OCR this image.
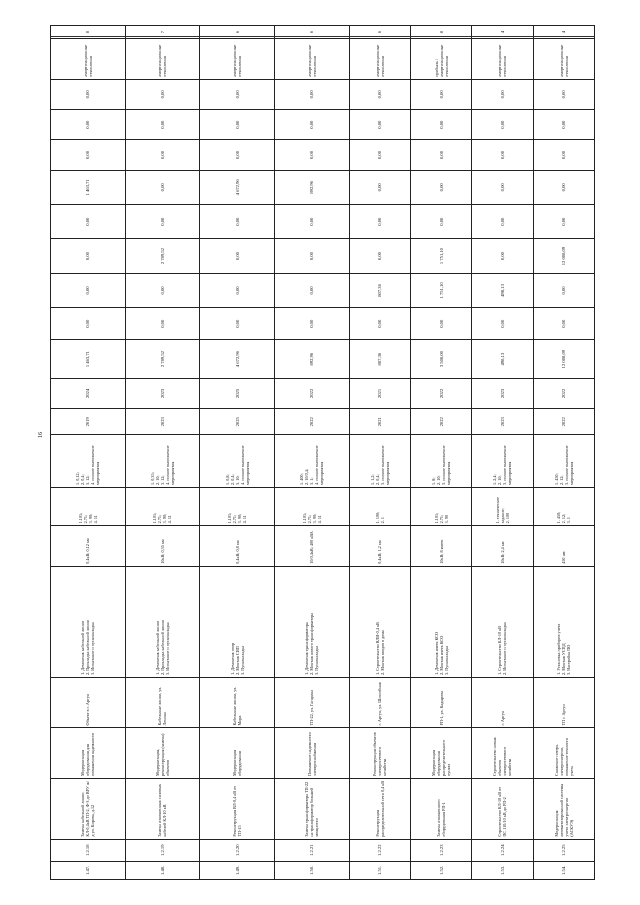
16
1.47.	1.2.18	Замена кабельной линии КЛ-0,4кВ ТП-2, Ф-3 до ВРУ ж/д ул. Кирова, д.12	Модернизация оборудования для повышения надежности	Объект в г. Аргун	1. Демонтаж кабельной линии
2. Прокладка кабельной линии
3. Испытание и пусконаладка	0,4кВ; 0,12 км	1.101;
2.71;
3. 90;
4. 11	1. 0,12;
2. 0,4;
3. 12;
4. полное выполнение мероприятия	2019	2024	1 463,71	0,00	0,00	0,00	0,00	1 463,71	0,00	0,00	0,00	амортизационные отчисления	8
1.48.	1.2.19	Замена изношенных силовых кабелей КЛ-10 кВ	Модернизация, реконструкция (замена) объектов	Кабельные линии, ул. Ленина	1. Демонтаж кабельной линии
2. Прокладка кабельной линии
3. Испытание и пусконаладка	10кВ; 0,35 км	1.101;
2.71;
3. 90;
4. 11	1. 0,35;
2. 10;
3. 12;
4. полное выполнение мероприятия	2023	2023	2 789,52	0,00	0,00	2 789,52	0,00	0,00	0,00	0,00	0,00	амортизационные отчисления	7
1.49.	1.2.20	Реконструкция ВЛ-0,4 кВ от ТП-15	Модернизация оборудования	Кабельные линии, ул. Мира	1. Демонтаж опор
2. Монтаж СИП
3. Пусконаладка	0,4кВ; 0,8 км	1.101;
2.71;
3. 90;
4. 11	1. 0,8;
2. 0,4;
3. 10;
4. полное выполнение мероприятия	2025	2025	4 672,96	0,00	0,00	0,00	0,00	4 672,96	0,00	0,00	0,00	амортизационные отчисления	6
1.50.	1.2.21	Замена трансформатора ТП-22 на трансформатор большей мощности	Повышение надежности электроснабжения	ТП-22, ул. Гагарина	1. Демонтаж трансформатора
2. Монтаж нового трансформатора
3. Пусконаладка	10/0,4кВ; 400 кВА	1.101;
2.71;
3. 90;
4. 11	1. 400;
2. 10/0,4;
3. 1;
4. полное выполнение мероприятия	2022	2022	892,96	0,00	0,00	0,00	0,00	892,96	0,00	0,00	0,00	амортизационные отчисления	6
1.51.	1.2.22	Реконструкция распределительной сети 0,4 кВ	Реконструкция объектов электросетевого хозяйства	г. Аргун, ул. Шоссейная	1. Строительство ВЛИ-0,4 кВ
2. Монтаж вводов в дома	0,4кВ; 1,2 км	1. 100;
2. 1	1. 1,2;
2. 0,4;
3. полное выполнение мероприятия	2021	2021	807,36	0,00	807,36	0,00	0,00	0,00	0,00	0,00	0,00	амортизационные отчисления	6
1.52.	1.2.23	Замена изношенного оборудования РП-1	Модернизация оборудования распределительного пункта	РП-1, ул. Кадырова	1. Демонтаж ячеек КСО
2. Монтаж ячеек КСО
3. Пусконаладка	10кВ; 8 ячеек	1.101;
2.71;
3. 90	1. 8;
2. 10;
3. полное выполнение мероприятия	2022	2022	3 500,00	0,00	1 751,10	1 751,10	0,00	0,00	0,00	0,00	0,00	прибыль / амортизационные отчисления	8
1.53.	1.2.24	Строительство КЛ-10 кВ от ПС 110/10 кВ до РП-2	Строительство новых объектов электросетевого хозяйства	г. Аргун	1. Строительство КЛ-10 кВ
2. Испытание и пусконаладка	10кВ; 2,4 км	1. техническое задание;
2. 100	1. 2,4;
2. 10;
3. полное выполнение мероприятия	2023	2023	498,13	0,00	498,13	0,00	0,00	0,00	0,00	0,00	0,00	амортизационные отчисления	4
1.54.	1.2.25	Модернизация автоматизированной системы учета электроэнергии (АСКУЭ)	Снижение потерь электроэнергии, повышение точности учета	ТП г. Аргун	1. Установка приборов учета
2. Монтаж УСПД
3. Настройка ПО	450 шт.	1. 450;
2. 12;
3. 1	1. 450;
2. 12;
3. полное выполнение мероприятия	2022	2022	12 008,09	0,00	0,00	12 008,09	0,00	0,00	0,00	0,00	0,00	амортизационные отчисления	4
